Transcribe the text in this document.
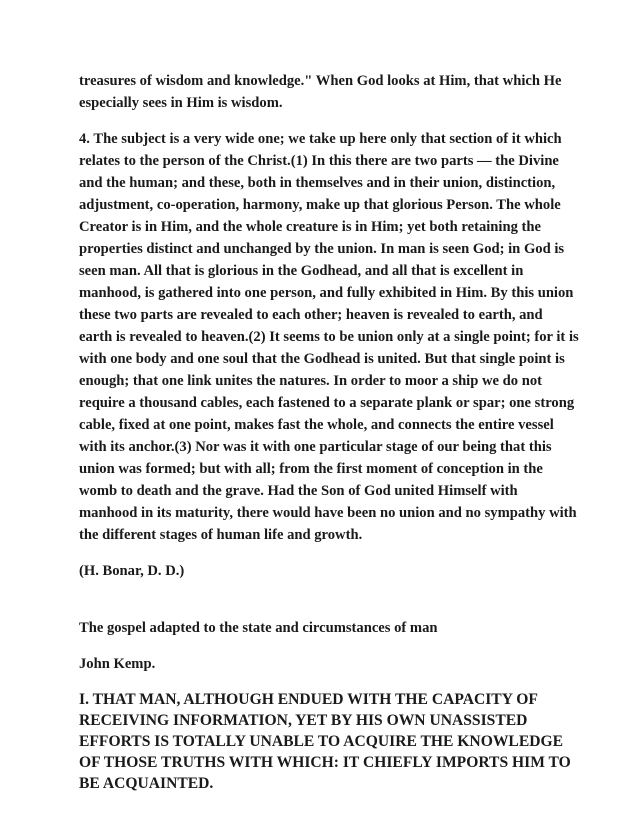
treasures of wisdom and knowledge." When God looks at Him, that which He especially sees in Him is wisdom.

4. The subject is a very wide one; we take up here only that section of it which relates to the person of the Christ.(1) In this there are two parts — the Divine and the human; and these, both in themselves and in their union, distinction, adjustment, co-operation, harmony, make up that glorious Person. The whole Creator is in Him, and the whole creature is in Him; yet both retaining the properties distinct and unchanged by the union. In man is seen God; in God is seen man. All that is glorious in the Godhead, and all that is excellent in manhood, is gathered into one person, and fully exhibited in Him. By this union these two parts are revealed to each other; heaven is revealed to earth, and earth is revealed to heaven.(2) It seems to be union only at a single point; for it is with one body and one soul that the Godhead is united. But that single point is enough; that one link unites the natures. In order to moor a ship we do not require a thousand cables, each fastened to a separate plank or spar; one strong cable, fixed at one point, makes fast the whole, and connects the entire vessel with its anchor.(3) Nor was it with one particular stage of our being that this union was formed; but with all; from the first moment of conception in the womb to death and the grave. Had the Son of God united Himself with manhood in its maturity, there would have been no union and no sympathy with the different stages of human life and growth.

(H. Bonar, D. D.)

The gospel adapted to the state and circumstances of man

John Kemp.

I. THAT MAN, ALTHOUGH ENDUED WITH THE CAPACITY OF RECEIVING INFORMATION, YET BY HIS OWN UNASSISTED EFFORTS IS TOTALLY UNABLE TO ACQUIRE THE KNOWLEDGE OF THOSE TRUTHS WITH WHICH: IT CHIEFLY IMPORTS HIM TO BE ACQUAINTED.
